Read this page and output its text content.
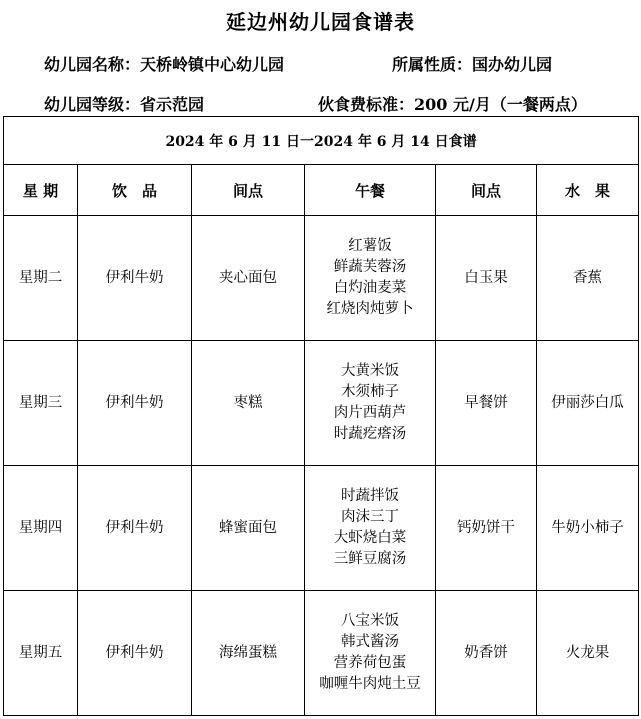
延边州幼儿园食谱表
幼儿园名称：天桥岭镇中心幼儿园	所属性质：国办幼儿园
幼儿园等级：省示范园	伙食费标准：200 元/月（一餐两点）
2024 年 6 月 11 日一2024 年 6 月 14 日食谱					
星 期	饮　品	间点	午餐	间点	水　果
星期二	伊利牛奶	夹心面包	红薯饭
鲜蔬芙蓉汤
白灼油麦菜
红烧肉炖萝卜	白玉果	香蕉
星期三	伊利牛奶	枣糕	大黄米饭
木须柿子
肉片西葫芦
时蔬疙瘩汤	早餐饼	伊丽莎白瓜
星期四	伊利牛奶	蜂蜜面包	时蔬拌饭
肉沫三丁
大虾烧白菜
三鲜豆腐汤	钙奶饼干	牛奶小柿子
星期五	伊利牛奶	海绵蛋糕	八宝米饭
韩式酱汤
营养荷包蛋
咖喱牛肉炖土豆	奶香饼	火龙果
